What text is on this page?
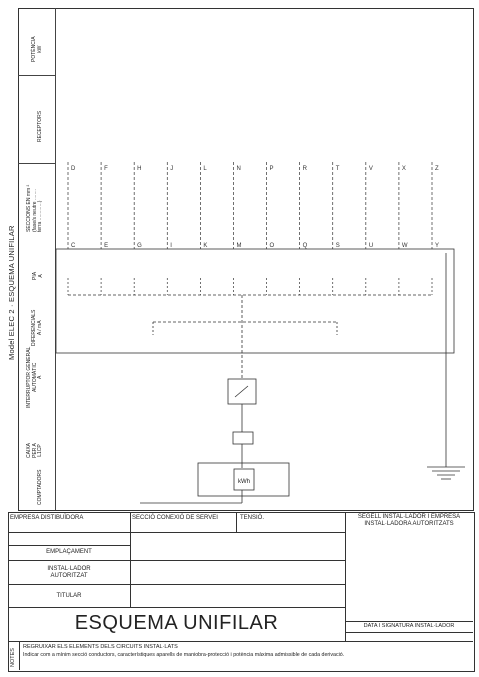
Model ELEC 2 · ESQUEMA UNIFILAR
POTÈNCIA kW
RECEPTORS
SECCIONS EN mm ² (fase/s neutre ........ terra .............)
PIA A
DIFERENCIALS A / mA
INTERRUPTOR GENERAL AUTOMÀTIC A
CAIXA PER A L1CP
COMPTADORS
D
C
F
E
H
G
J
I
L
K
N
M
P
O
R
Q
T
S
V
U
X
W
Z
Y
kWh
EMPRESA DISTIBUÏDORA	SECCIÓ CONEXIÓ DE SERVEI	TENSIÓ.	SEGELL INSTAL·LADOR I EMPRESA INSTAL·LADORA AUTORITZATS
EMPLAÇAMENT
INSTAL·LADOR AUTORITZAT
TITULAR
ESQUEMA UNIFILAR	DATA I SIGNATURA INSTAL·LADOR
NOTES
REGRUIXAR ELS ELEMENTS DELS CIRCUITS INSTAL·LATS
Indicar com a mínim secció conductors, característiques aparells de maniobra-protecció i potència màxima admissible de cada derivació.
